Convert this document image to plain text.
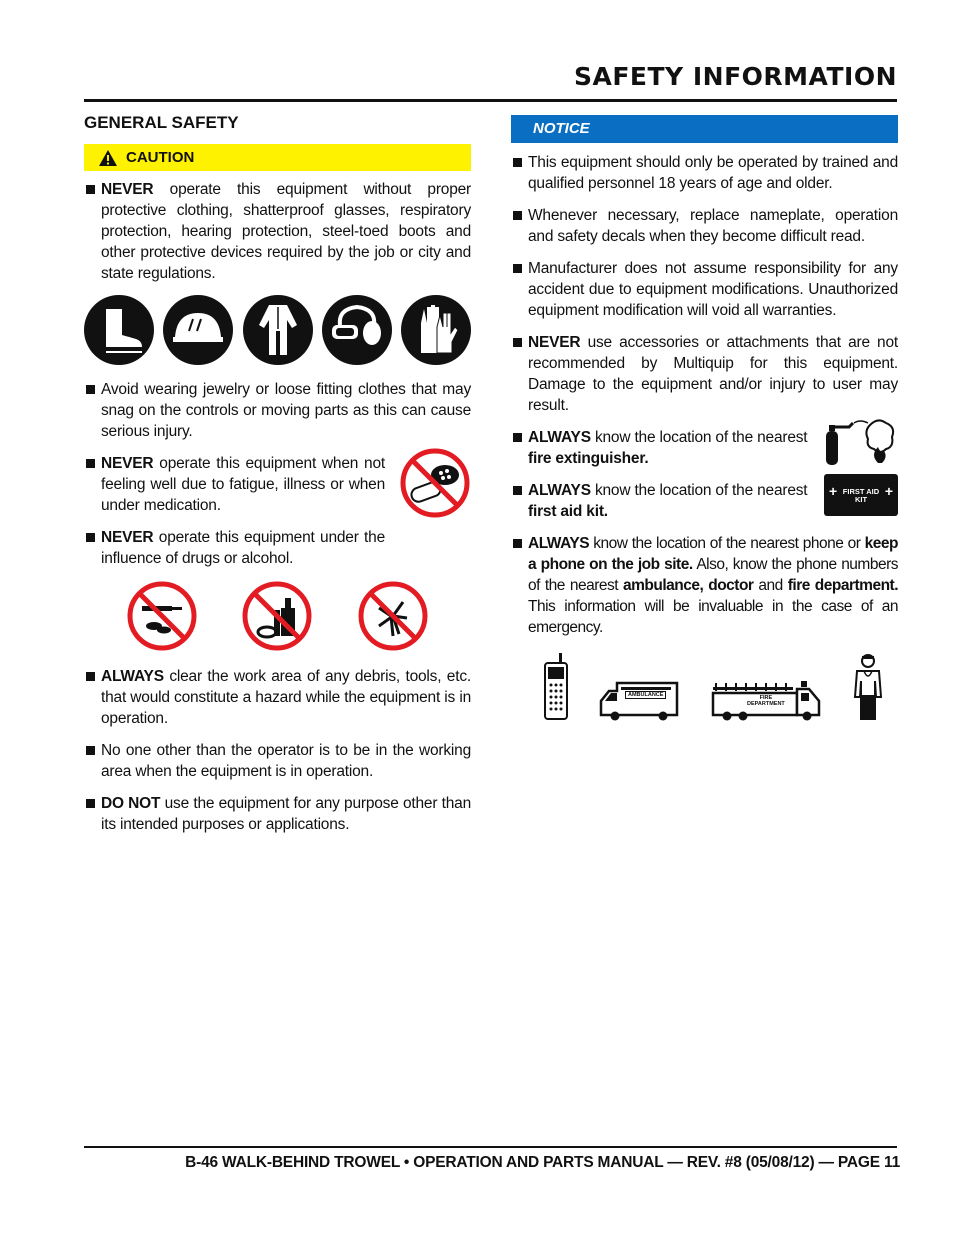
SAFETY INFORMATION
GENERAL SAFETY
CAUTION
NEVER operate this equipment without proper protective clothing, shatterproof glasses, respiratory protection, hearing protection, steel-toed boots and other protective devices required by the job or city and state regulations.
Avoid wearing jewelry or loose fitting clothes that may snag on the controls or moving parts as this can cause serious injury.
NEVER operate this equipment when not feeling well due to fatigue, illness or when under medication.
NEVER operate this equipment under the influence of drugs or alcohol.
ALWAYS clear the work area of any debris, tools, etc. that would constitute a hazard while the equipment is in operation.
No one other than the operator is to be in the working area when the equipment is in operation.
DO NOT use the equipment for any purpose other than its intended purposes or applications.
NOTICE
This equipment should only be operated by trained and qualified personnel 18 years of age and older.
Whenever necessary, replace nameplate, operation and safety decals when they become difficult read.
Manufacturer does not assume responsibility for any accident due to equipment modifications. Unauthorized equipment modification will void all warranties.
NEVER use accessories or attachments that are not recommended by Multiquip for this equipment. Damage to the equipment and/or injury to user may result.
ALWAYS know the location of the nearest fire extinguisher.
ALWAYS know the location of the nearest first aid kit.
+	+
FIRST AID
KIT
ALWAYS know the location of the nearest phone or keep a phone on the job site. Also, know the phone numbers of the nearest ambulance, doctor and fire department. This information will be invaluable in the case of an emergency.
AMBULANCE	FIRE
DEPARTMENT
B-46 WALK-BEHIND TROWEL • OPERATION AND PARTS MANUAL — REV. #8 (05/08/12) — PAGE 11
